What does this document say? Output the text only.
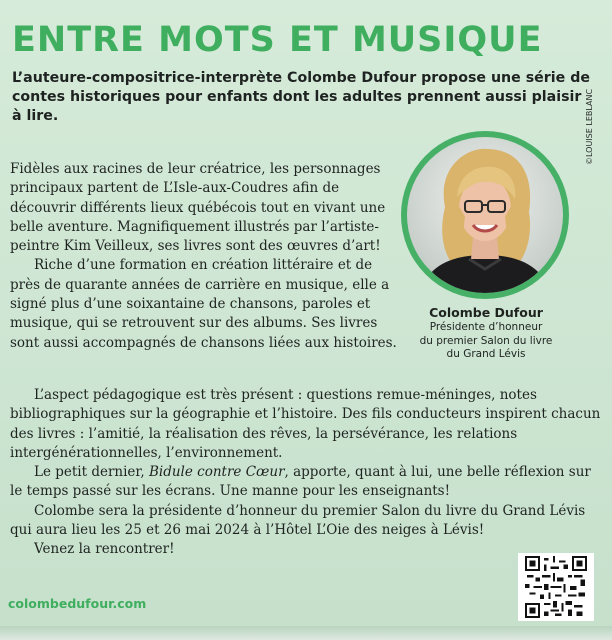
ENTRE MOTS ET MUSIQUE

L’auteure-compositrice-interprète Colombe Dufour propose une série de contes historiques pour enfants dont les adultes prennent aussi plaisir à lire.	©LOUISE LEBLANC
Colombe Dufour
Présidente d’honneur
du premier Salon du livre
du Grand Lévis

Fidèles aux racines de leur créatrice, les personnages principaux partent de L’Isle-aux-Coudres afin de découvrir différents lieux québécois tout en vivant une belle aventure. Magnifiquement illustrés par l’artiste-peintre Kim Veilleux, ses livres sont des œuvres d’art!

Riche d’une formation en création littéraire et de près de quarante années de carrière en musique, elle a signé plus d’une soixantaine de chansons, paroles et musique, qui se retrouvent sur des albums. Ses livres sont aussi accompagnés de chansons liées aux histoires.

L’aspect pédagogique est très présent : questions remue-méninges, notes bibliographiques sur la géographie et l’histoire. Des fils conducteurs inspirent chacun des livres : l’amitié, la réalisation des rêves, la persévérance, les relations intergénérationnelles, l’environnement.

Le petit dernier, Bidule contre Cœur, apporte, quant à lui, une belle réflexion sur le temps passé sur les écrans. Une manne pour les enseignants!

Colombe sera la présidente d’honneur du premier Salon du livre du Grand Lévis qui aura lieu les 25 et 26 mai 2024 à l’Hôtel L’Oie des neiges à Lévis!

Venez la rencontrer!

colombedufour.com
